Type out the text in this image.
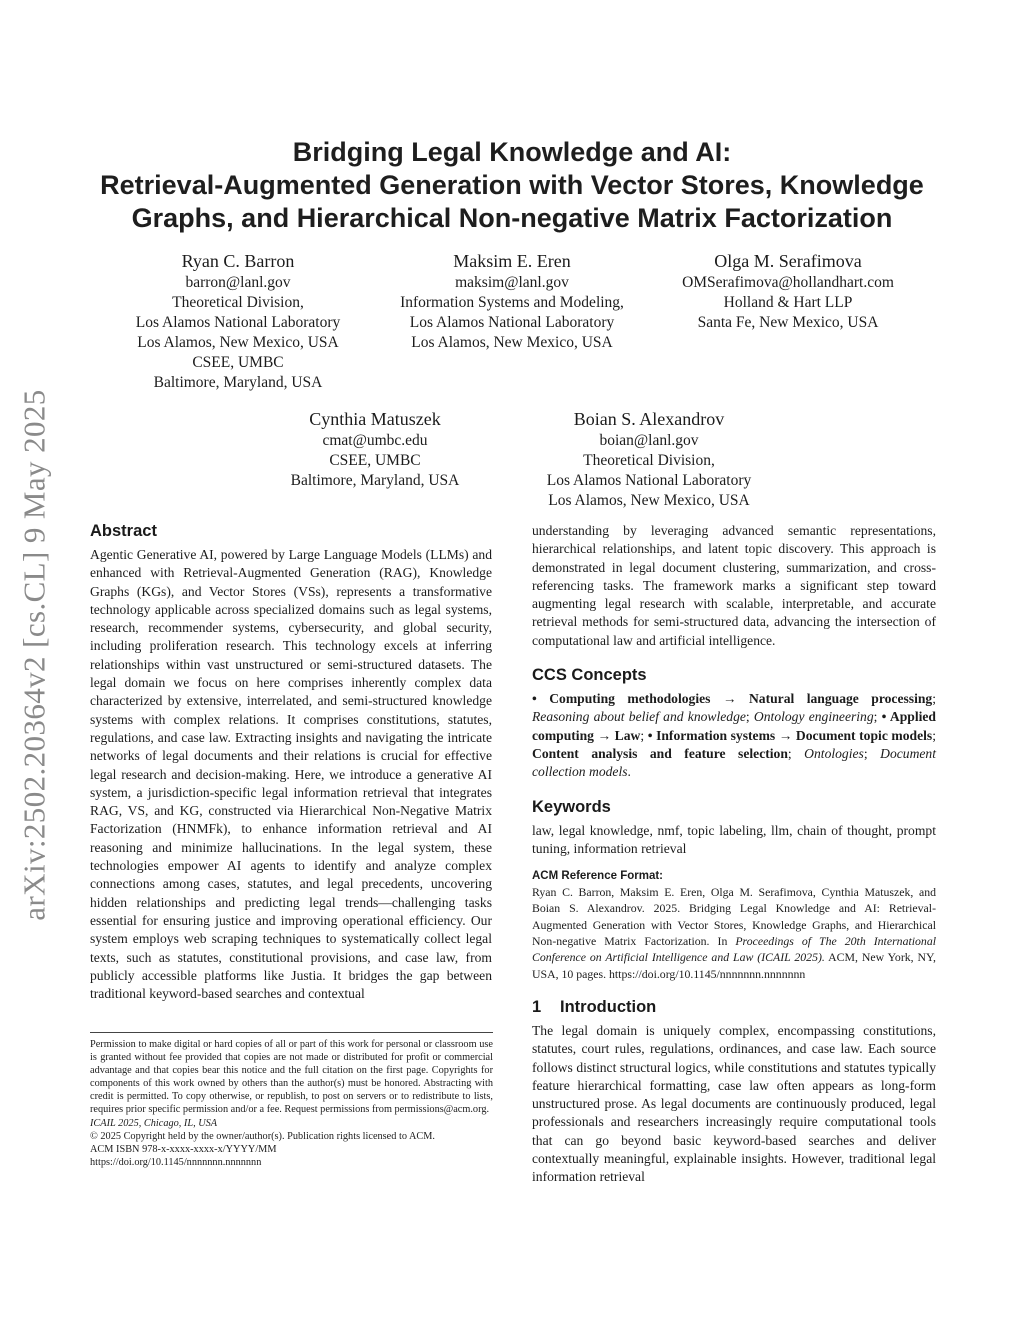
arXiv:2502.20364v2 [cs.CL] 9 May 2025
Bridging Legal Knowledge and AI:
Retrieval-Augmented Generation with Vector Stores, Knowledge
Graphs, and Hierarchical Non-negative Matrix Factorization
Ryan C. Barron
barron@lanl.gov
Theoretical Division,
Los Alamos National Laboratory
Los Alamos, New Mexico, USA
CSEE, UMBC
Baltimore, Maryland, USA
Maksim E. Eren
maksim@lanl.gov
Information Systems and Modeling,
Los Alamos National Laboratory
Los Alamos, New Mexico, USA
Olga M. Serafimova
OMSerafimova@hollandhart.com
Holland & Hart LLP
Santa Fe, New Mexico, USA
Cynthia Matuszek
cmat@umbc.edu
CSEE, UMBC
Baltimore, Maryland, USA
Boian S. Alexandrov
boian@lanl.gov
Theoretical Division,
Los Alamos National Laboratory
Los Alamos, New Mexico, USA
Abstract

Agentic Generative AI, powered by Large Language Models (LLMs) and enhanced with Retrieval-Augmented Generation (RAG), Knowledge Graphs (KGs), and Vector Stores (VSs), represents a transformative technology applicable across specialized domains such as legal systems, research, recommender systems, cybersecurity, and global security, including proliferation research. This technology excels at inferring relationships within vast unstructured or semi-structured datasets. The legal domain we focus on here comprises inherently complex data characterized by extensive, interrelated, and semi-structured knowledge systems with complex relations. It comprises constitutions, statutes, regulations, and case law. Extracting insights and navigating the intricate networks of legal documents and their relations is crucial for effective legal research and decision-making. Here, we introduce a generative AI system, a jurisdiction-specific legal information retrieval that integrates RAG, VS, and KG, constructed via Hierarchical Non-Negative Matrix Factorization (HNMFk), to enhance information retrieval and AI reasoning and minimize hallucinations. In the legal system, these technologies empower AI agents to identify and analyze complex connections among cases, statutes, and legal precedents, uncovering hidden relationships and predicting legal trends—challenging tasks essential for ensuring justice and improving operational efficiency. Our system employs web scraping techniques to systematically collect legal texts, such as statutes, constitutional provisions, and case law, from publicly accessible platforms like Justia. It bridges the gap between traditional keyword-based searches and contextual

Permission to make digital or hard copies of all or part of this work for personal or classroom use is granted without fee provided that copies are not made or distributed for profit or commercial advantage and that copies bear this notice and the full citation on the first page. Copyrights for components of this work owned by others than the author(s) must be honored. Abstracting with credit is permitted. To copy otherwise, or republish, to post on servers or to redistribute to lists, requires prior specific permission and/or a fee. Request permissions from permissions@acm.org.

ICAIL 2025, Chicago, IL, USA

© 2025 Copyright held by the owner/author(s). Publication rights licensed to ACM.

ACM ISBN 978-x-xxxx-xxxx-x/YYYY/MM

https://doi.org/10.1145/nnnnnnn.nnnnnnn

understanding by leveraging advanced semantic representations, hierarchical relationships, and latent topic discovery. This approach is demonstrated in legal document clustering, summarization, and cross-referencing tasks. The framework marks a significant step toward augmenting legal research with scalable, interpretable, and accurate retrieval methods for semi-structured data, advancing the intersection of computational law and artificial intelligence.

CCS Concepts

• Computing methodologies → Natural language processing; Reasoning about belief and knowledge; Ontology engineering; • Applied computing → Law; • Information systems → Document topic models; Content analysis and feature selection; Ontologies; Document collection models.

Keywords

law, legal knowledge, nmf, topic labeling, llm, chain of thought, prompt tuning, information retrieval

ACM Reference Format:

Ryan C. Barron, Maksim E. Eren, Olga M. Serafimova, Cynthia Matuszek, and Boian S. Alexandrov. 2025. Bridging Legal Knowledge and AI: Retrieval-Augmented Generation with Vector Stores, Knowledge Graphs, and Hierarchical Non-negative Matrix Factorization. In Proceedings of The 20th International Conference on Artificial Intelligence and Law (ICAIL 2025). ACM, New York, NY, USA, 10 pages. https://doi.org/10.1145/nnnnnnn.nnnnnnn

1 Introduction

The legal domain is uniquely complex, encompassing constitutions, statutes, court rules, regulations, ordinances, and case law. Each source follows distinct structural logics, while constitutions and statutes typically feature hierarchical formatting, case law often appears as long-form unstructured prose. As legal documents are continuously produced, legal professionals and researchers increasingly require computational tools that can go beyond basic keyword-based searches and deliver contextually meaningful, explainable insights. However, traditional legal information retrieval
